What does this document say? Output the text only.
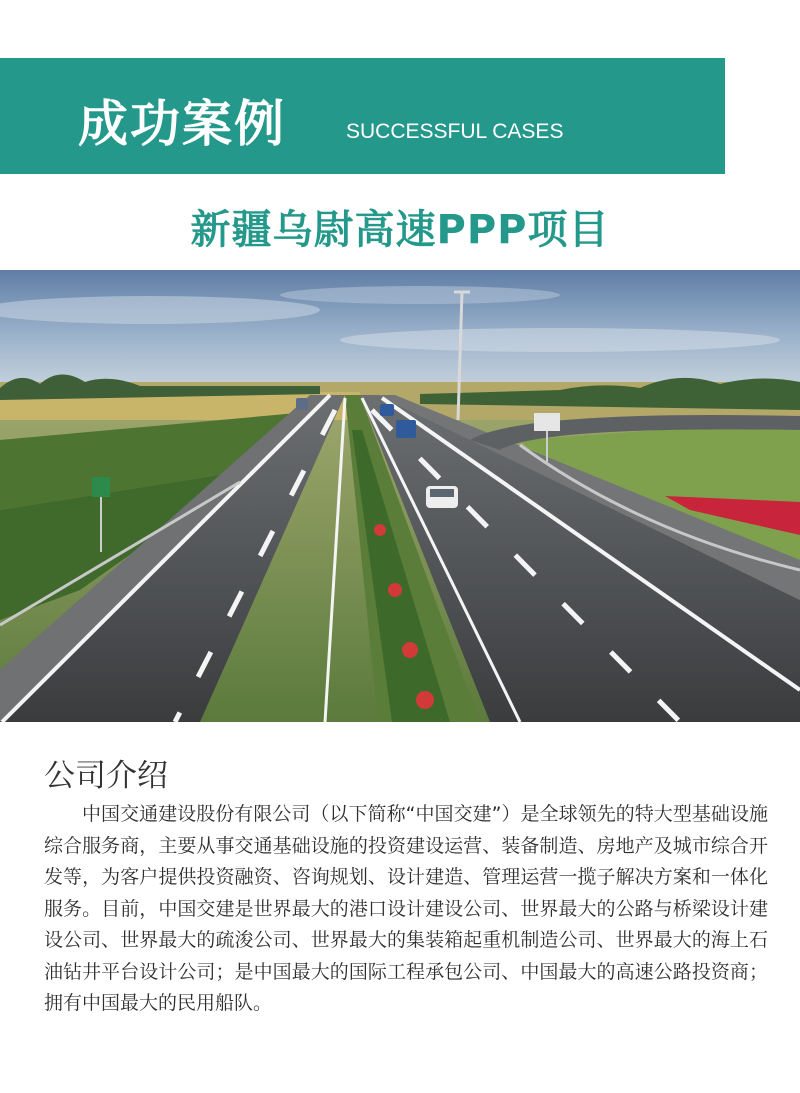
成功案例	SUCCESSFUL CASES
新疆乌尉高速PPP项目
公司介绍

中国交通建设股份有限公司（以下简称“中国交建”）是全球领先的特大型基础设施综合服务商，主要从事交通基础设施的投资建设运营、装备制造、房地产及城市综合开发等，为客户提供投资融资、咨询规划、设计建造、管理运营一揽子解决方案和一体化服务。目前，中国交建是世界最大的港口设计建设公司、世界最大的公路与桥梁设计建设公司、世界最大的疏浚公司、世界最大的集装箱起重机制造公司、世界最大的海上石油钻井平台设计公司；是中国最大的国际工程承包公司、中国最大的高速公路投资商；拥有中国最大的民用船队。
